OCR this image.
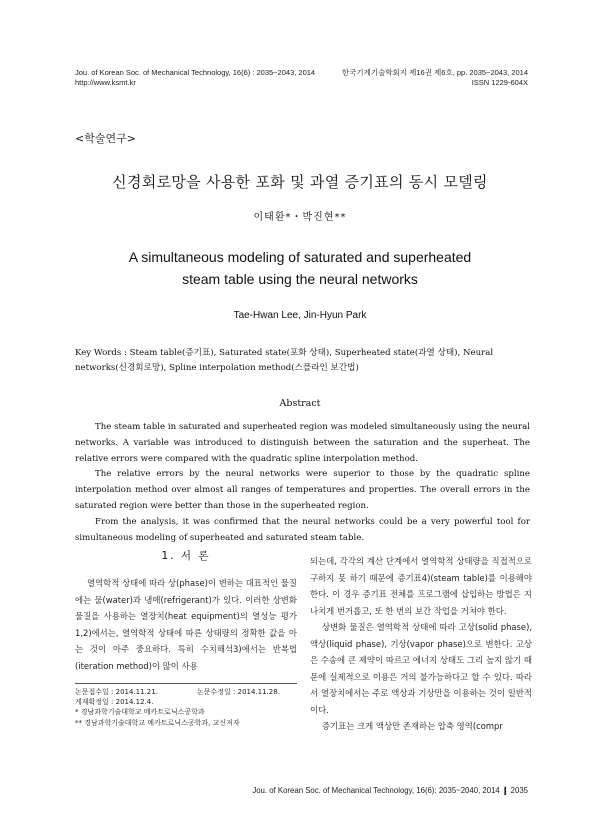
Jou. of Korean Soc. of Mechanical Technology, 16(6) : 2035~2043, 2014
http://www.ksmt.kr
한국기계기술학회지 제16권 제6호, pp. 2035~2043, 2014
ISSN 1229-604X
<학술연구>
신경회로망을 사용한 포화 및 과열 증기표의 동시 모델링
이태환*・박진현**
A simultaneous modeling of saturated and superheated
steam table using the neural networks
Tae-Hwan Lee, Jin-Hyun Park
Key Words : Steam table(증기표), Saturated state(포화 상태), Superheated state(과열 상태), Neural networks(신경회로망), Spline interpolation method(스플라인 보간법)
Abstract

The steam table in saturated and superheated region was modeled simultaneously using the neural networks. A variable was introduced to distinguish between the saturation and the superheat. The relative errors were compared with the quadratic spline interpolation method.

The relative errors by the neural networks were superior to those by the quadratic spline interpolation method over almost all ranges of temperatures and properties. The overall errors in the saturated region were better than those in the superheated region.

From the analysis, it was confirmed that the neural networks could be a very powerful tool for simultaneous modeling of superheated and saturated steam table.

1. 서 론

열역학적 상태에 따라 상(phase)이 변하는 대표적인 물질에는 물(water)과 냉매(refrigerant)가 있다. 이러한 상변화 물질을 사용하는 열장치(heat equipment)의 열성능 평가1,2)에서는, 열역학적 상태에 따른 상태량의 정확한 값을 아는 것이 아주 중요하다. 특히 수치해석3)에서는 반복법(iteration method)이 많이 사용

되는데, 각각의 계산 단계에서 열역학적 상태량을 직접적으로 구하지 못 하기 때문에 증기표4)(steam table)를 이용해야 한다. 이 경우 증기표 전체를 프로그램에 삽입하는 방법은 지나치게 번거롭고, 또 한 번의 보간 작업을 거쳐야 한다.

상변화 물질은 열역학적 상태에 따라 고상(solid phase), 액상(liquid phase), 기상(vapor phase)으로 변한다. 고상은 수송에 큰 제약이 따르고 에너지 상태도 그리 높지 않기 때문에 실제적으로 이용은 거의 불가능하다고 할 수 있다. 따라서 열장치에서는 주로 액상과 기상만을 이용하는 것이 일반적이다.

증기표는 크게 액상만 존재하는 압축 영역(compr

논문접수일 : 2014.11.21.	논문수정일 : 2014.11.28.
게재확정일 : 2014.12.4.
* 경남과학기술대학교 메카트로닉스공학과
** 경남과학기술대학교 메카트로닉스공학과, 교신저자
Jou. of Korean Soc. of Mechanical Technology, 16(6): 2035~2040, 2014 ❙ 2035
